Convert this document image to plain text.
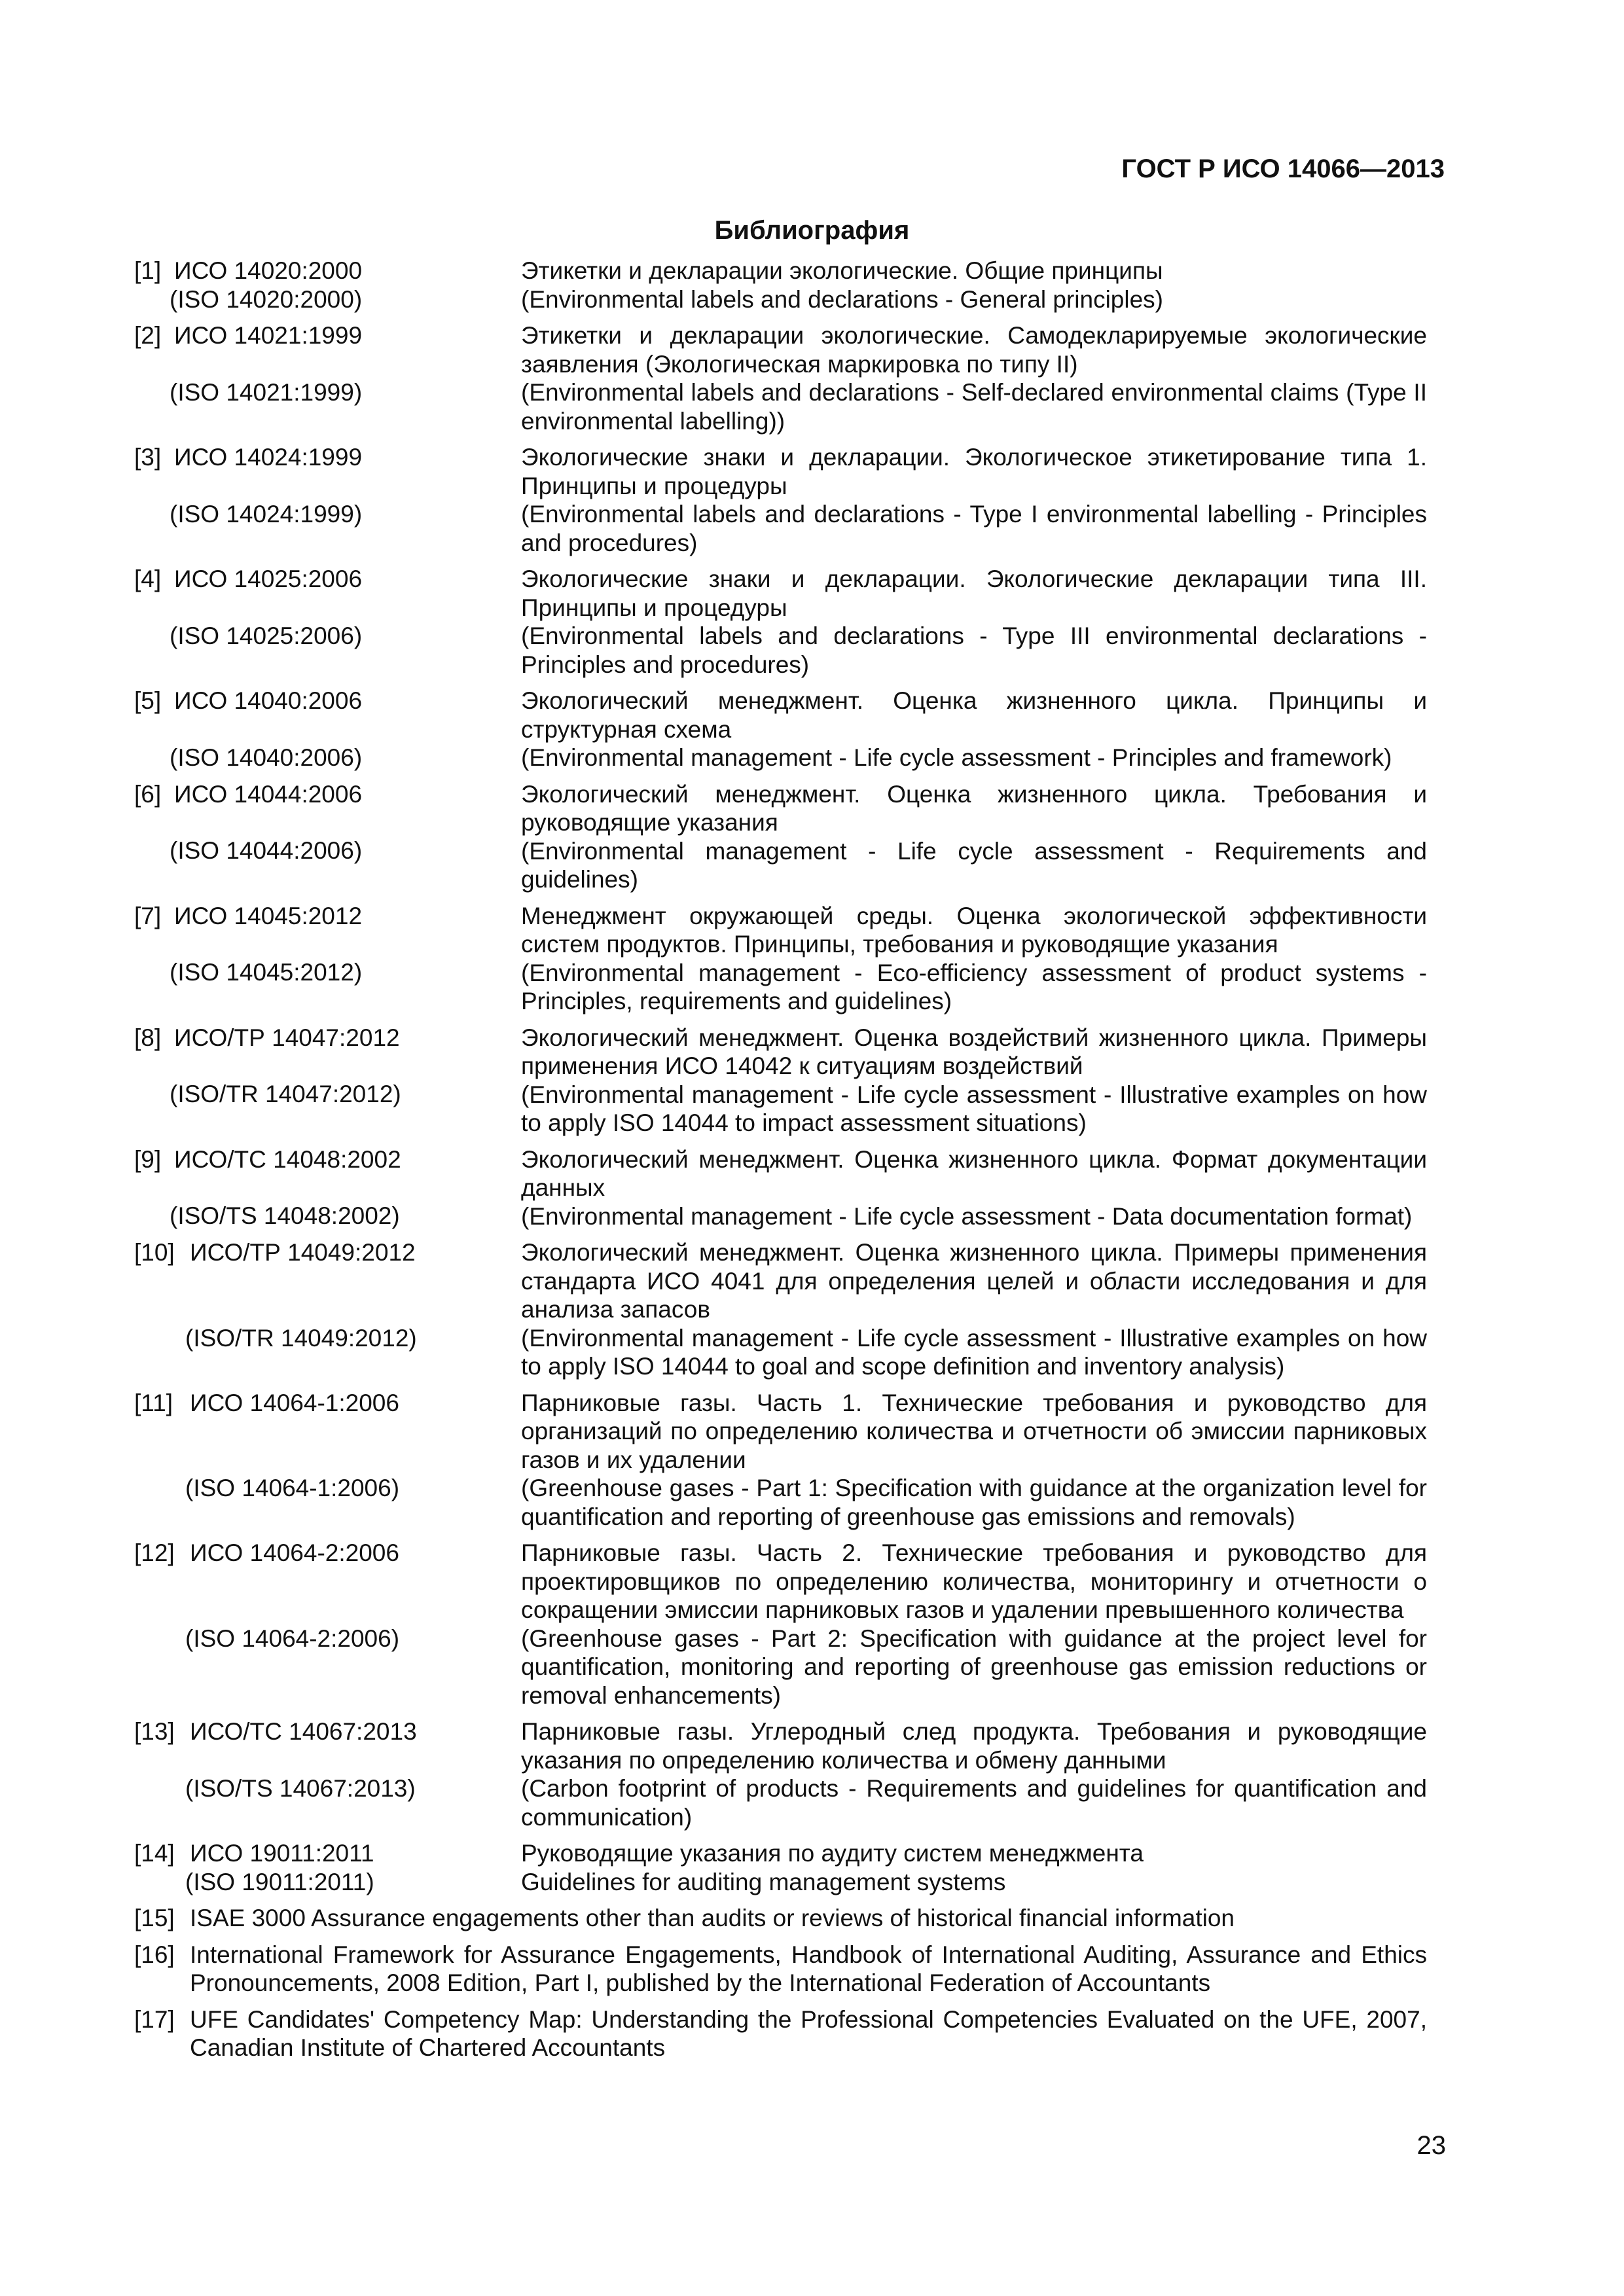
ГОСТ Р ИСО 14066—2013
Библиография
[1] ИСО 14020:2000
(ISO 14020:2000)
Этикетки и декларации экологические. Общие принципы
(Environmental labels and declarations - General principles)
[2] ИСО 14021:1999
(ISO 14021:1999)
Этикетки и декларации экологические. Самодекларируемые экологические заявления (Экологическая маркировка по типу II)
(Environmental labels and declarations - Self-declared environmental claims (Type II environmental labelling))
[3] ИСО 14024:1999
(ISO 14024:1999)
Экологические знаки и декларации. Экологическое этикетирование типа 1. Принципы и процедуры
(Environmental labels and declarations - Type I environmental labelling - Principles and procedures)
[4] ИСО 14025:2006
(ISO 14025:2006)
Экологические знаки и декларации. Экологические декларации типа III. Принципы и процедуры
(Environmental labels and declarations - Type III environmental declarations - Principles and procedures)
[5] ИСО 14040:2006
(ISO 14040:2006)
Экологический менеджмент. Оценка жизненного цикла. Принципы и структурная схема
(Environmental management - Life cycle assessment - Principles and framework)
[6] ИСО 14044:2006
(ISO 14044:2006)
Экологический менеджмент. Оценка жизненного цикла. Требования и руководящие указания
(Environmental management - Life cycle assessment - Requirements and guidelines)
[7] ИСО 14045:2012
(ISO 14045:2012)
Менеджмент окружающей среды. Оценка экологической эффективности систем продуктов. Принципы, требования и руководящие указания
(Environmental management - Eco-efficiency assessment of product systems - Principles, requirements and guidelines)
[8] ИСО/ТР 14047:2012
(ISO/TR 14047:2012)
Экологический менеджмент. Оценка воздействий жизненного цикла. Примеры применения ИСО 14042 к ситуациям воздействий
(Environmental management - Life cycle assessment - Illustrative examples on how to apply ISO 14044 to impact assessment situations)
[9] ИСО/ТС 14048:2002
(ISO/TS 14048:2002)
Экологический менеджмент. Оценка жизненного цикла. Формат документации данных
(Environmental management - Life cycle assessment - Data documentation format)
[10] ИСО/ТР 14049:2012
(ISO/TR 14049:2012)
Экологический менеджмент. Оценка жизненного цикла. Примеры применения стандарта ИСО 4041 для определения целей и области исследования и для анализа запасов
(Environmental management - Life cycle assessment - Illustrative examples on how to apply ISO 14044 to goal and scope definition and inventory analysis)
[11] ИСО 14064-1:2006
(ISO 14064-1:2006)
Парниковые газы. Часть 1. Технические требования и руководство для организаций по определению количества и отчетности об эмиссии парниковых газов и их удалении
(Greenhouse gases - Part 1: Specification with guidance at the organization level for quantification and reporting of greenhouse gas emissions and removals)
[12] ИСО 14064-2:2006
(ISO 14064-2:2006)
Парниковые газы. Часть 2. Технические требования и руководство для проектировщиков по определению количества, мониторингу и отчетности о сокращении эмиссии парниковых газов и удалении превышенного количества
(Greenhouse gases - Part 2: Specification with guidance at the project level for quantification, monitoring and reporting of greenhouse gas emission reductions or removal enhancements)
[13] ИСО/ТС 14067:2013
(ISO/TS 14067:2013)
Парниковые газы. Углеродный след продукта. Требования и руководящие указания по определению количества и обмену данными
(Carbon footprint of products - Requirements and guidelines for quantification and communication)
[14] ИСО 19011:2011
(ISO 19011:2011)
Руководящие указания по аудиту систем менеджмента
Guidelines for auditing management systems
[15] ISAE 3000 Assurance engagements other than audits or reviews of historical financial information
[16] International Framework for Assurance Engagements, Handbook of International Auditing, Assurance and Ethics Pronouncements, 2008 Edition, Part I, published by the International Federation of Accountants
[17] UFE Candidates' Competency Map: Understanding the Professional Competencies Evaluated on the UFE, 2007, Canadian Institute of Chartered Accountants
23
